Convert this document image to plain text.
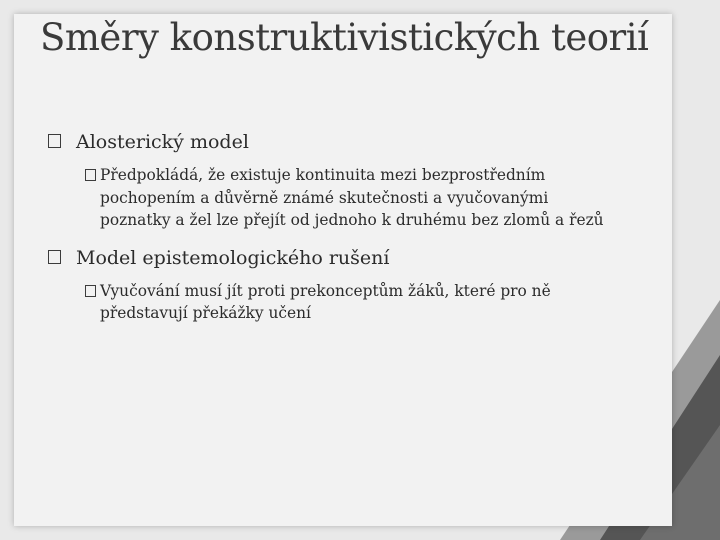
Směry konstruktivistických teorií
Alosterický model
Předpokládá, že existuje kontinuita mezi bezprostředním pochopením a důvěrně známé skutečnosti a vyučovanými poznatky a žel lze přejít od jednoho k druhému bez zlomů a řezů
Model epistemologického rušení
Vyučování musí jít proti prekonceptům žáků, které pro ně představují překážky učení
